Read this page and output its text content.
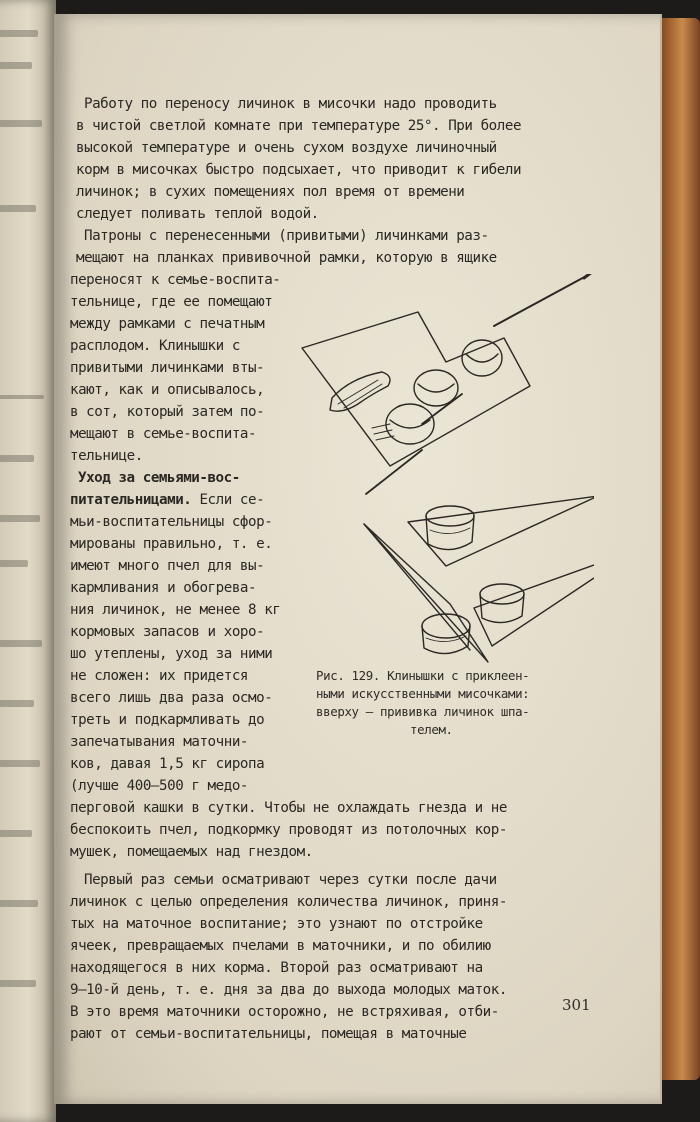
Работу по переносу личинок в мисочки надо проводить
в чистой светлой комнате при температуре 25°. При более
высокой температуре и очень сухом воздухе личиночный
корм в мисочках быстро подсыхает, что приводит к гибели
личинок; в сухих помещениях пол время от времени
следует поливать теплой водой.
Патроны с перенесенными (привитыми) личинками раз-
мещают на планках прививочной рамки, которую в ящике
переносят к семье-воспита-
тельнице, где ее помещают
между рамками с печатным
расплодом. Клинышки с
привитыми личинками вты-
кают, как и описывалось,
в сот, который затем по-
мещают в семье-воспита-
тельнице.
Уход за семьями-вос-
питательницами. Если се-
мьи-воспитательницы сфор-
мированы правильно, т. е.
имеют много пчел для вы-
кармливания и обогрева-
ния личинок, не менее 8 кг
кормовых запасов и хоро-
шо утеплены, уход за ними
не сложен: их придется
всего лишь два раза осмо-
треть и подкармливать до
запечатывания маточни-
ков, давая 1,5 кг сиропа
(лучше 400—500 г медо-
перговой кашки в сутки. Чтобы не охлаждать гнезда и не
беспокоить пчел, подкормку проводят из потолочных кор-
мушек, помещаемых над гнездом.
Первый раз семьи осматривают через сутки после дачи
личинок с целью определения количества личинок, приня-
тых на маточное воспитание; это узнают по отстройке
ячеек, превращаемых пчелами в маточники, и по обилию
находящегося в них корма. Второй раз осматривают на
9—10-й день, т. е. дня за два до выхода молодых маток.
В это время маточники осторожно, не встряхивая, отби-
рают от семьи-воспитательницы, помещая в маточные
Рис. 129. Клинышки с приклеен-
ными искусственными мисочками:
вверху — прививка личинок шпа-
телем.
301
